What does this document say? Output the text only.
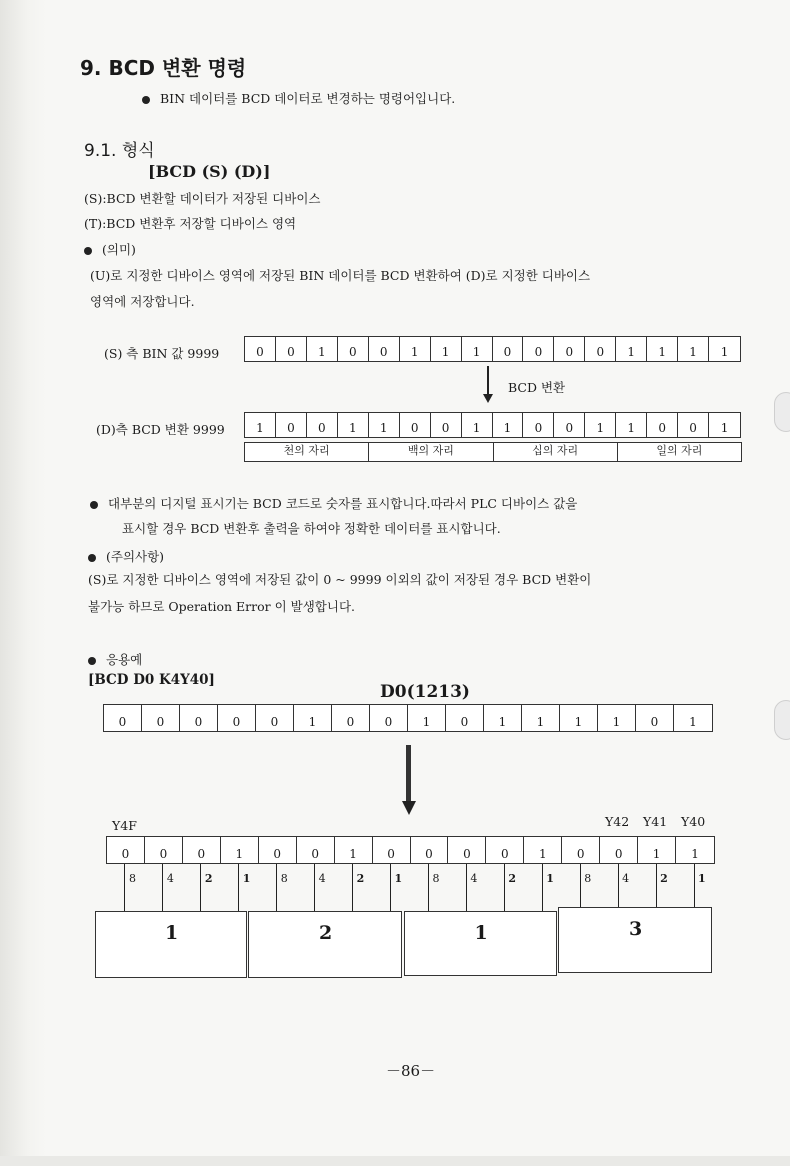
9. BCD 변환 명령
BIN 데이터를 BCD 데이터로 변경하는 명령어입니다.
9.1. 형식
[BCD (S) (D)]
(S):BCD 변환할 데이터가 저장된 디바이스
(T):BCD 변환후 저장할 디바이스 영역
(의미)
(U)로 지정한 디바이스 영역에 저장된 BIN 데이터를 BCD 변환하여 (D)로 지정한 디바이스
영역에 저장합니다.
(S) 측 BIN 값 9999	0	0	1	0	0	1	1	1	0	0	0	0	1	1	1	1
BCD 변환
(D)측 BCD 변환 9999	1	0	0	1	1	0	0	1	1	0	0	1	1	0	0	1
천의 자리	백의 자리	십의 자리	일의 자리
대부분의 디지털 표시기는 BCD 코드로 숫자를 표시합니다.따라서 PLC 디바이스 값을
표시할 경우 BCD 변환후 출력을 하여야 정확한 데이터를 표시합니다.
(주의사항)
(S)로 지정한 디바이스 영역에 저장된 값이 0 ~ 9999 이외의 값이 저장된 경우 BCD 변환이
불가능 하므로 Operation Error 이 발생합니다.
응용예
[BCD D0 K4Y40]
D0(1213)
0	0	0	0	0	1	0	0	1	0	1	1	1	1	0	1
Y4F	Y42 Y41 Y40
0	0	0	1	0	0	1	0	0	0	0	1	0	0	1	1
8	4	2	1	8	4	2	1	8	4	2	1	8	4	2	1
1	2	1	3
－86－
